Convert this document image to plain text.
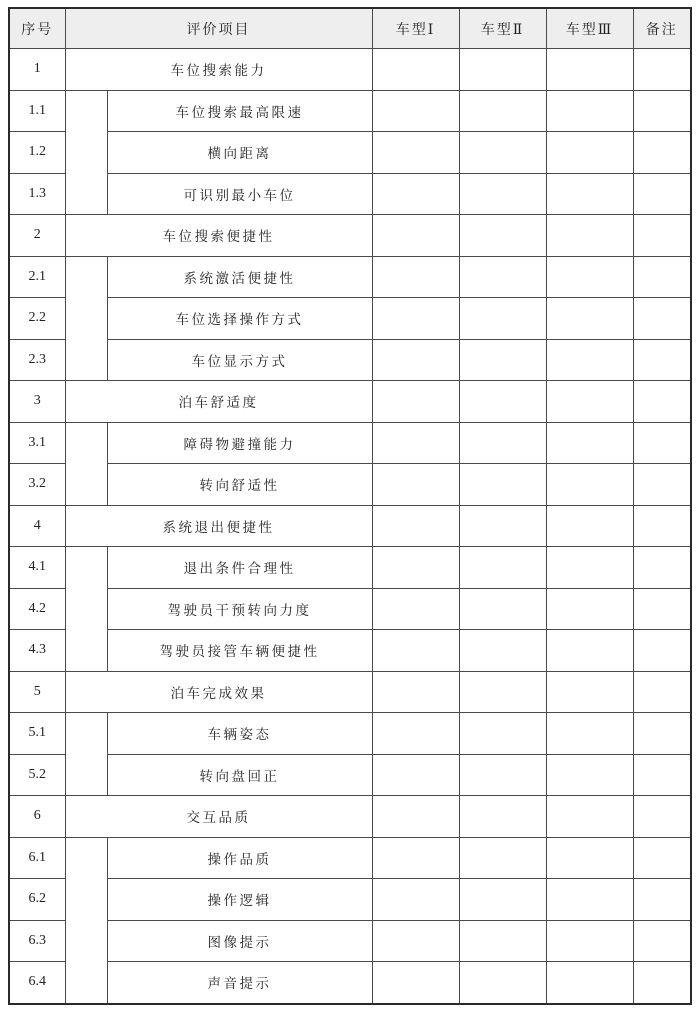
序号	评价项目		车型Ⅰ	车型Ⅱ	车型Ⅲ	备注
1	车位搜索能力					
1.1		车位搜索最高限速				
1.2		横向距离				
1.3		可识别最小车位				
2	车位搜索便捷性					
2.1		系统激活便捷性				
2.2		车位选择操作方式				
2.3		车位显示方式				
3	泊车舒适度					
3.1		障碍物避撞能力				
3.2		转向舒适性				
4	系统退出便捷性					
4.1		退出条件合理性				
4.2		驾驶员干预转向力度				
4.3		驾驶员接管车辆便捷性				
5	泊车完成效果					
5.1		车辆姿态				
5.2		转向盘回正				
6	交互品质					
6.1		操作品质				
6.2		操作逻辑				
6.3		图像提示				
6.4		声音提示				
